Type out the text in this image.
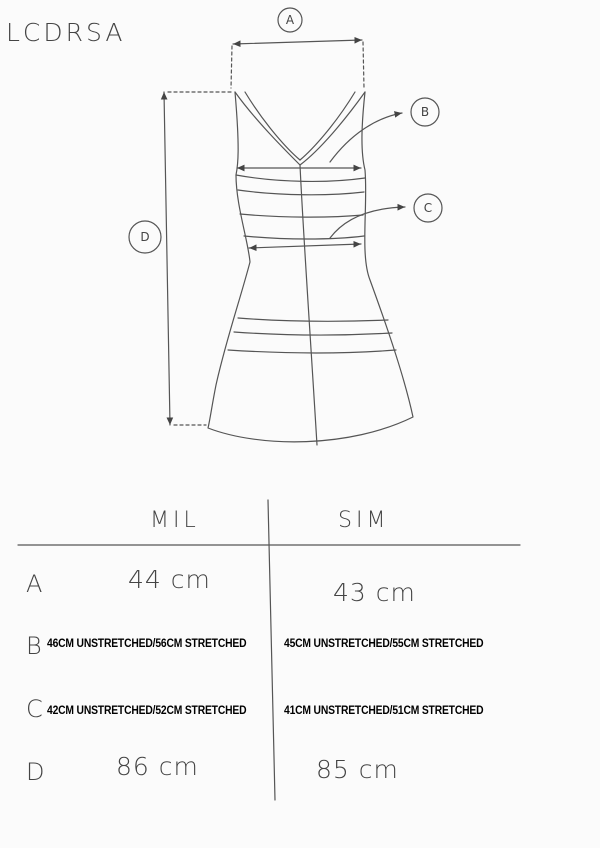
LCDRSA	A
B
C
D
MIL	SIM
A	44 cm	43 cm
B 46CM UNSTRETCHED/56CM STRETCHED	45CM UNSTRETCHED/55CM STRETCHED
C 42CM UNSTRETCHED/52CM STRETCHED	41CM UNSTRETCHED/51CM STRETCHED
D	86 cm	85 cm
